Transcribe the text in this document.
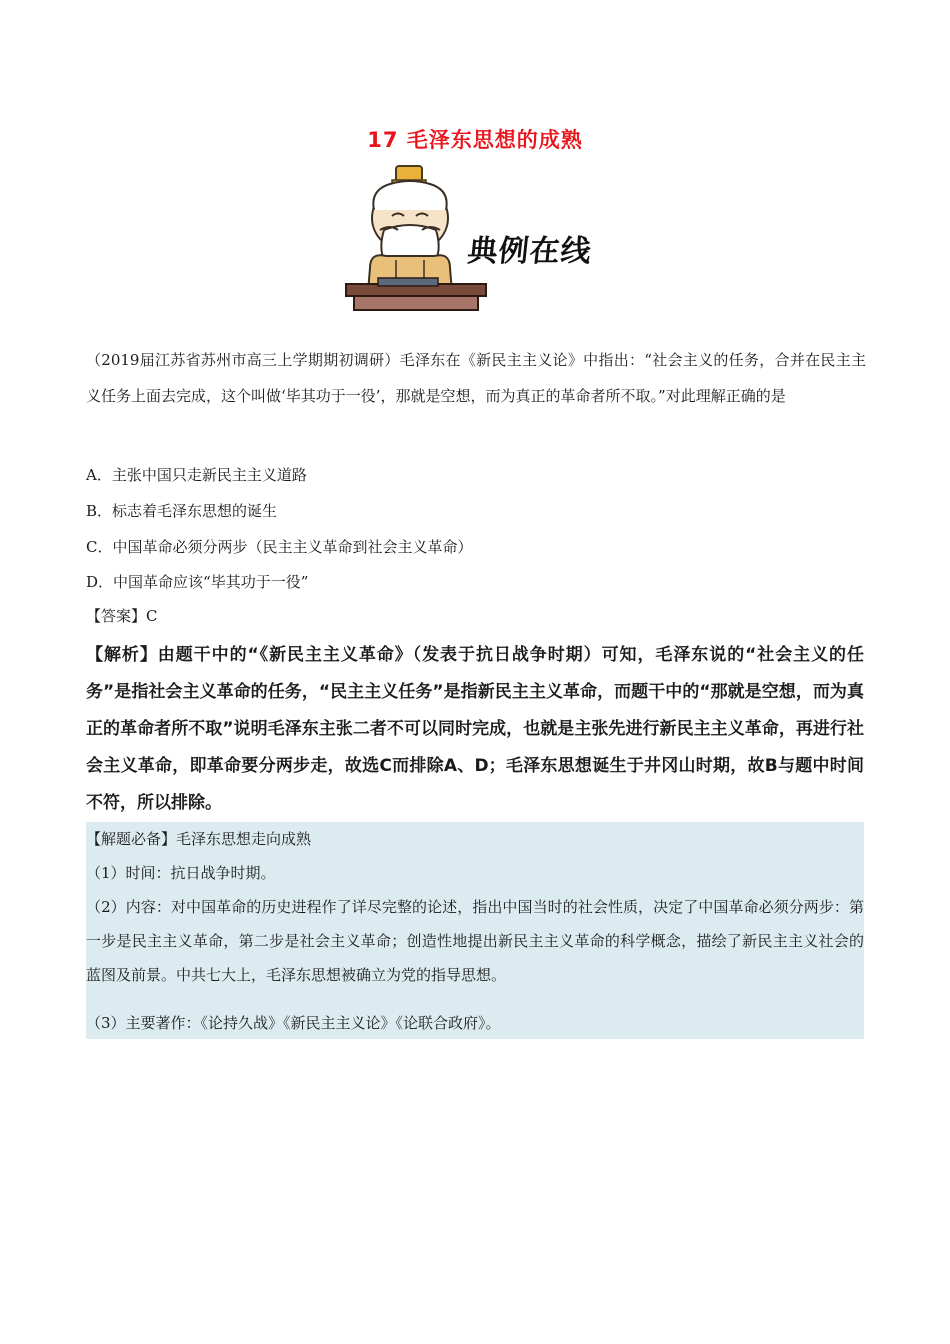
17 毛泽东思想的成熟
典例在线
（2019届江苏省苏州市高三上学期期初调研）毛泽东在《新民主主义论》中指出：“社会主义的任务，合并在民主主义任务上面去完成，这个叫做‘毕其功于一役’，那就是空想，而为真正的革命者所不取。”对此理解正确的是
A．主张中国只走新民主主义道路
B．标志着毛泽东思想的诞生
C．中国革命必须分两步（民主主义革命到社会主义革命）
D．中国革命应该“毕其功于一役”
【答案】C
【解析】由题干中的“《新民主主义革命》（发表于抗日战争时期）可知，毛泽东说的“社会主义的任务”是指社会主义革命的任务，“民主主义任务”是指新民主主义革命，而题干中的“那就是空想，而为真正的革命者所不取”说明毛泽东主张二者不可以同时完成，也就是主张先进行新民主主义革命，再进行社会主义革命，即革命要分两步走，故选C而排除A、D；毛泽东思想诞生于井冈山时期，故B与题中时间不符，所以排除。
【解题必备】毛泽东思想走向成熟
（1）时间：抗日战争时期。
（2）内容：对中国革命的历史进程作了详尽完整的论述，指出中国当时的社会性质，决定了中国革命必须分两步：第一步是民主主义革命，第二步是社会主义革命；创造性地提出新民主主义革命的科学概念，描绘了新民主主义社会的蓝图及前景。中共七大上，毛泽东思想被确立为党的指导思想。
（3）主要著作：《论持久战》《新民主主义论》《论联合政府》。
